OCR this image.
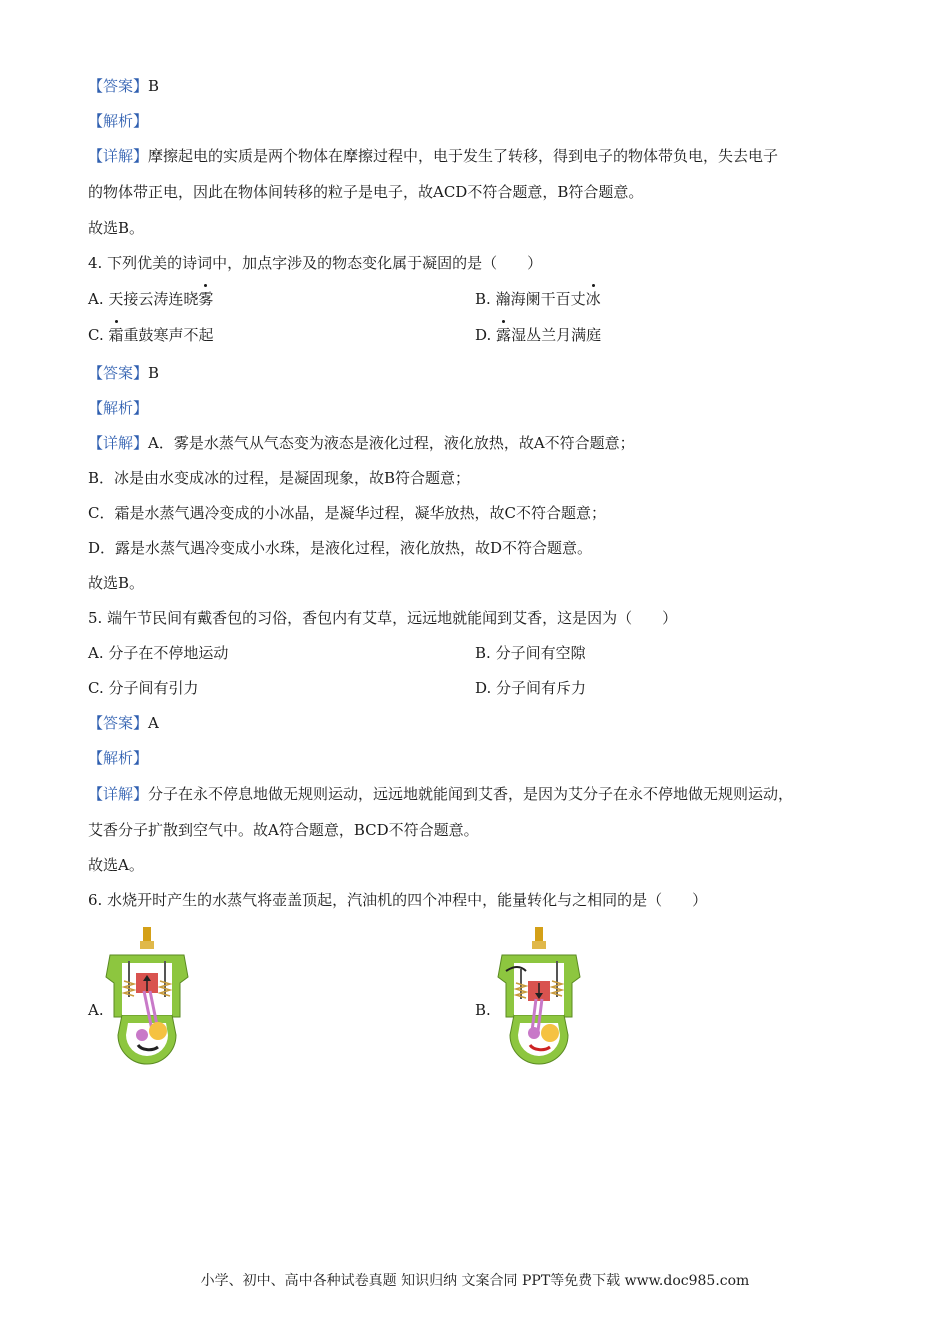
【答案】B
【解析】
【详解】摩擦起电的实质是两个物体在摩擦过程中，电于发生了转移，得到电子的物体带负电，失去电子
的物体带正电，因此在物体间转移的粒子是电子，故ACD不符合题意，B符合题意。
故选B。
4. 下列优美的诗词中，加点字涉及的物态变化属于凝固的是（　　）
A. 天接云涛连晓雾	B. 瀚海阑干百丈冰
C. 霜重鼓寒声不起	D. 露湿丛兰月满庭
【答案】B
【解析】
【详解】A．雾是水蒸气从气态变为液态是液化过程，液化放热，故A不符合题意；
B．冰是由水变成冰的过程，是凝固现象，故B符合题意；
C．霜是水蒸气遇冷变成的小冰晶，是凝华过程，凝华放热，故C不符合题意；
D．露是水蒸气遇冷变成小水珠，是液化过程，液化放热，故D不符合题意。
故选B。
5. 端午节民间有戴香包的习俗，香包内有艾草，远远地就能闻到艾香，这是因为（　　）
A. 分子在不停地运动	B. 分子间有空隙
C. 分子间有引力	D. 分子间有斥力
【答案】A
【解析】
【详解】分子在永不停息地做无规则运动，远远地就能闻到艾香，是因为艾分子在永不停地做无规则运动，
艾香分子扩散到空气中。故A符合题意，BCD不符合题意。
故选A。
6. 水烧开时产生的水蒸气将壶盖顶起，汽油机的四个冲程中，能量转化与之相同的是（　　）
A.	B.
小学、初中、高中各种试卷真题 知识归纳 文案合同 PPT等免费下载 www.doc985.com
